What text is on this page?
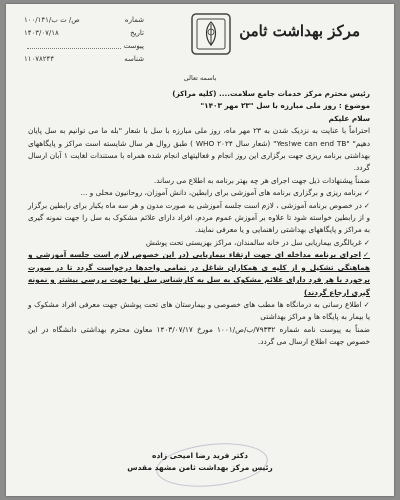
مرکز بهداشت ثامن
شماره
۱۰۰/ص/ ت ب/۱۴۱
تاریخ
۱۴۰۳/۰۷/۱۸
پیوست
شناسه
۱۱۰۷۸۲۴۴
باسمه تعالی

رئیس محترم مرکز خدمات جامع سلامت.... (کلیه مراکز)

موضوع : روز ملی مبارزه با سل "۲۳ مهر ۱۴۰۳"

سلام علیکم

احتراماً با عنایت به نزدیک شدن به ۲۳ مهر ماه، روز ملی مبارزه با سل با شعار "بله ما می توانیم به سل پایان دهیم" "Yes!we can end TB" (شعار سال ۲۰۲۴ WHO ) طبق روال هر سال شایسته است مراکز و پایگاههای بهداشتی برنامه ریزی جهت برگزاری این روز انجام و فعالیتهای انجام شده همراه با مستندات لغایت ۱ آبان ارسال گردد.

ضمناً پیشنهادات ذیل جهت اجرای هر چه بهتر برنامه به اطلاع می رساند.

✓برنامه ریزی و برگزاری برنامه های آموزشی برای رابطین، دانش آموزان، روحانیون محلی و ...

✓در خصوص برنامه آموزشی ، لازم است جلسه آموزشی به صورت مدون و هر سه ماه یکبار برای رابطین برگزار و از رابطین خواسته شود تا علاوه بر آموزش عموم مردم، افراد دارای علائم مشکوک به سل را جهت نمونه گیری به مراکز و پایگاههای بهداشتی راهنمایی و یا معرفی نمایند.

✓غربالگری بیماریابی سل در خانه سالمندان، مراکز بهزیستی تحت پوشش

✓اجرای برنامه مداخله ای جهت ارتقاء بیماریابی (در این خصوص لازم است جلسه آموزشی و هماهنگی تشکیل و از کلیه ی همکاران شاغل در تمامی واحدها درخواست گردد تا در صورت برخورد با هر فرد دارای علائم مشکوک به سل به کارشناس سل نها جهت بررسی بیشتر و نمونه گیری ارجاع گردند)

✓اطلاع رسانی به درمانگاه ها مطب های خصوصی و بیمارستان های تحت پوشش جهت معرفی افراد مشکوک و یا بیمار به پایگاه ها و مراکز بهداشتی

ضمناً به پیوست نامه شماره ۷۹۳۳۲/ب/ص/۱۰۰۱ مورخ ۱۴۰۳/۰۷/۱۷ معاون محترم بهداشتی دانشگاه در این خصوص جهت اطلاع ارسال می گردد.

دکتر فرید رضا امیحی زاده
رئیس مرکز بهداشت ثامن مشهد مقدس
